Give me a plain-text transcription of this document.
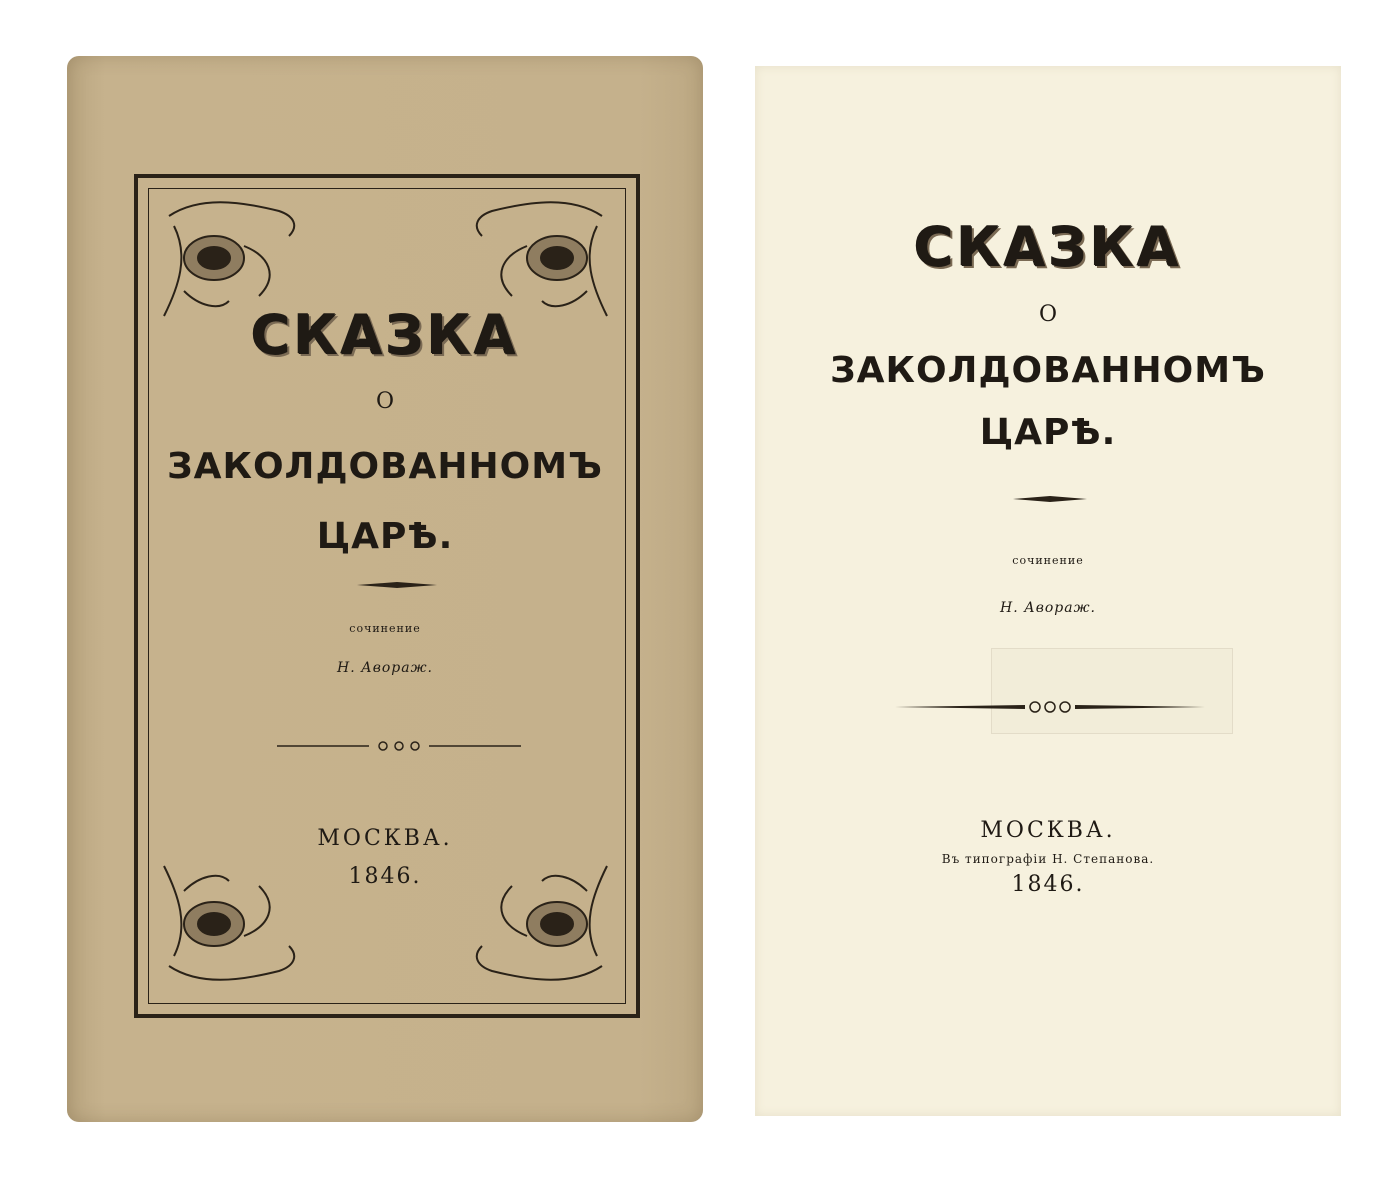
СКАЗКА
О
ЗАКОЛДОВАННОМЪ
ЦАРѢ.
сочинение
Н. Авораж.
МОСКВА.
1846.
СКАЗКА
О
ЗАКОЛДОВАННОМЪ
ЦАРѢ.
сочинение
Н. Авораж.
МОСКВА.
Въ типографіи Н. Степанова.
1846.
